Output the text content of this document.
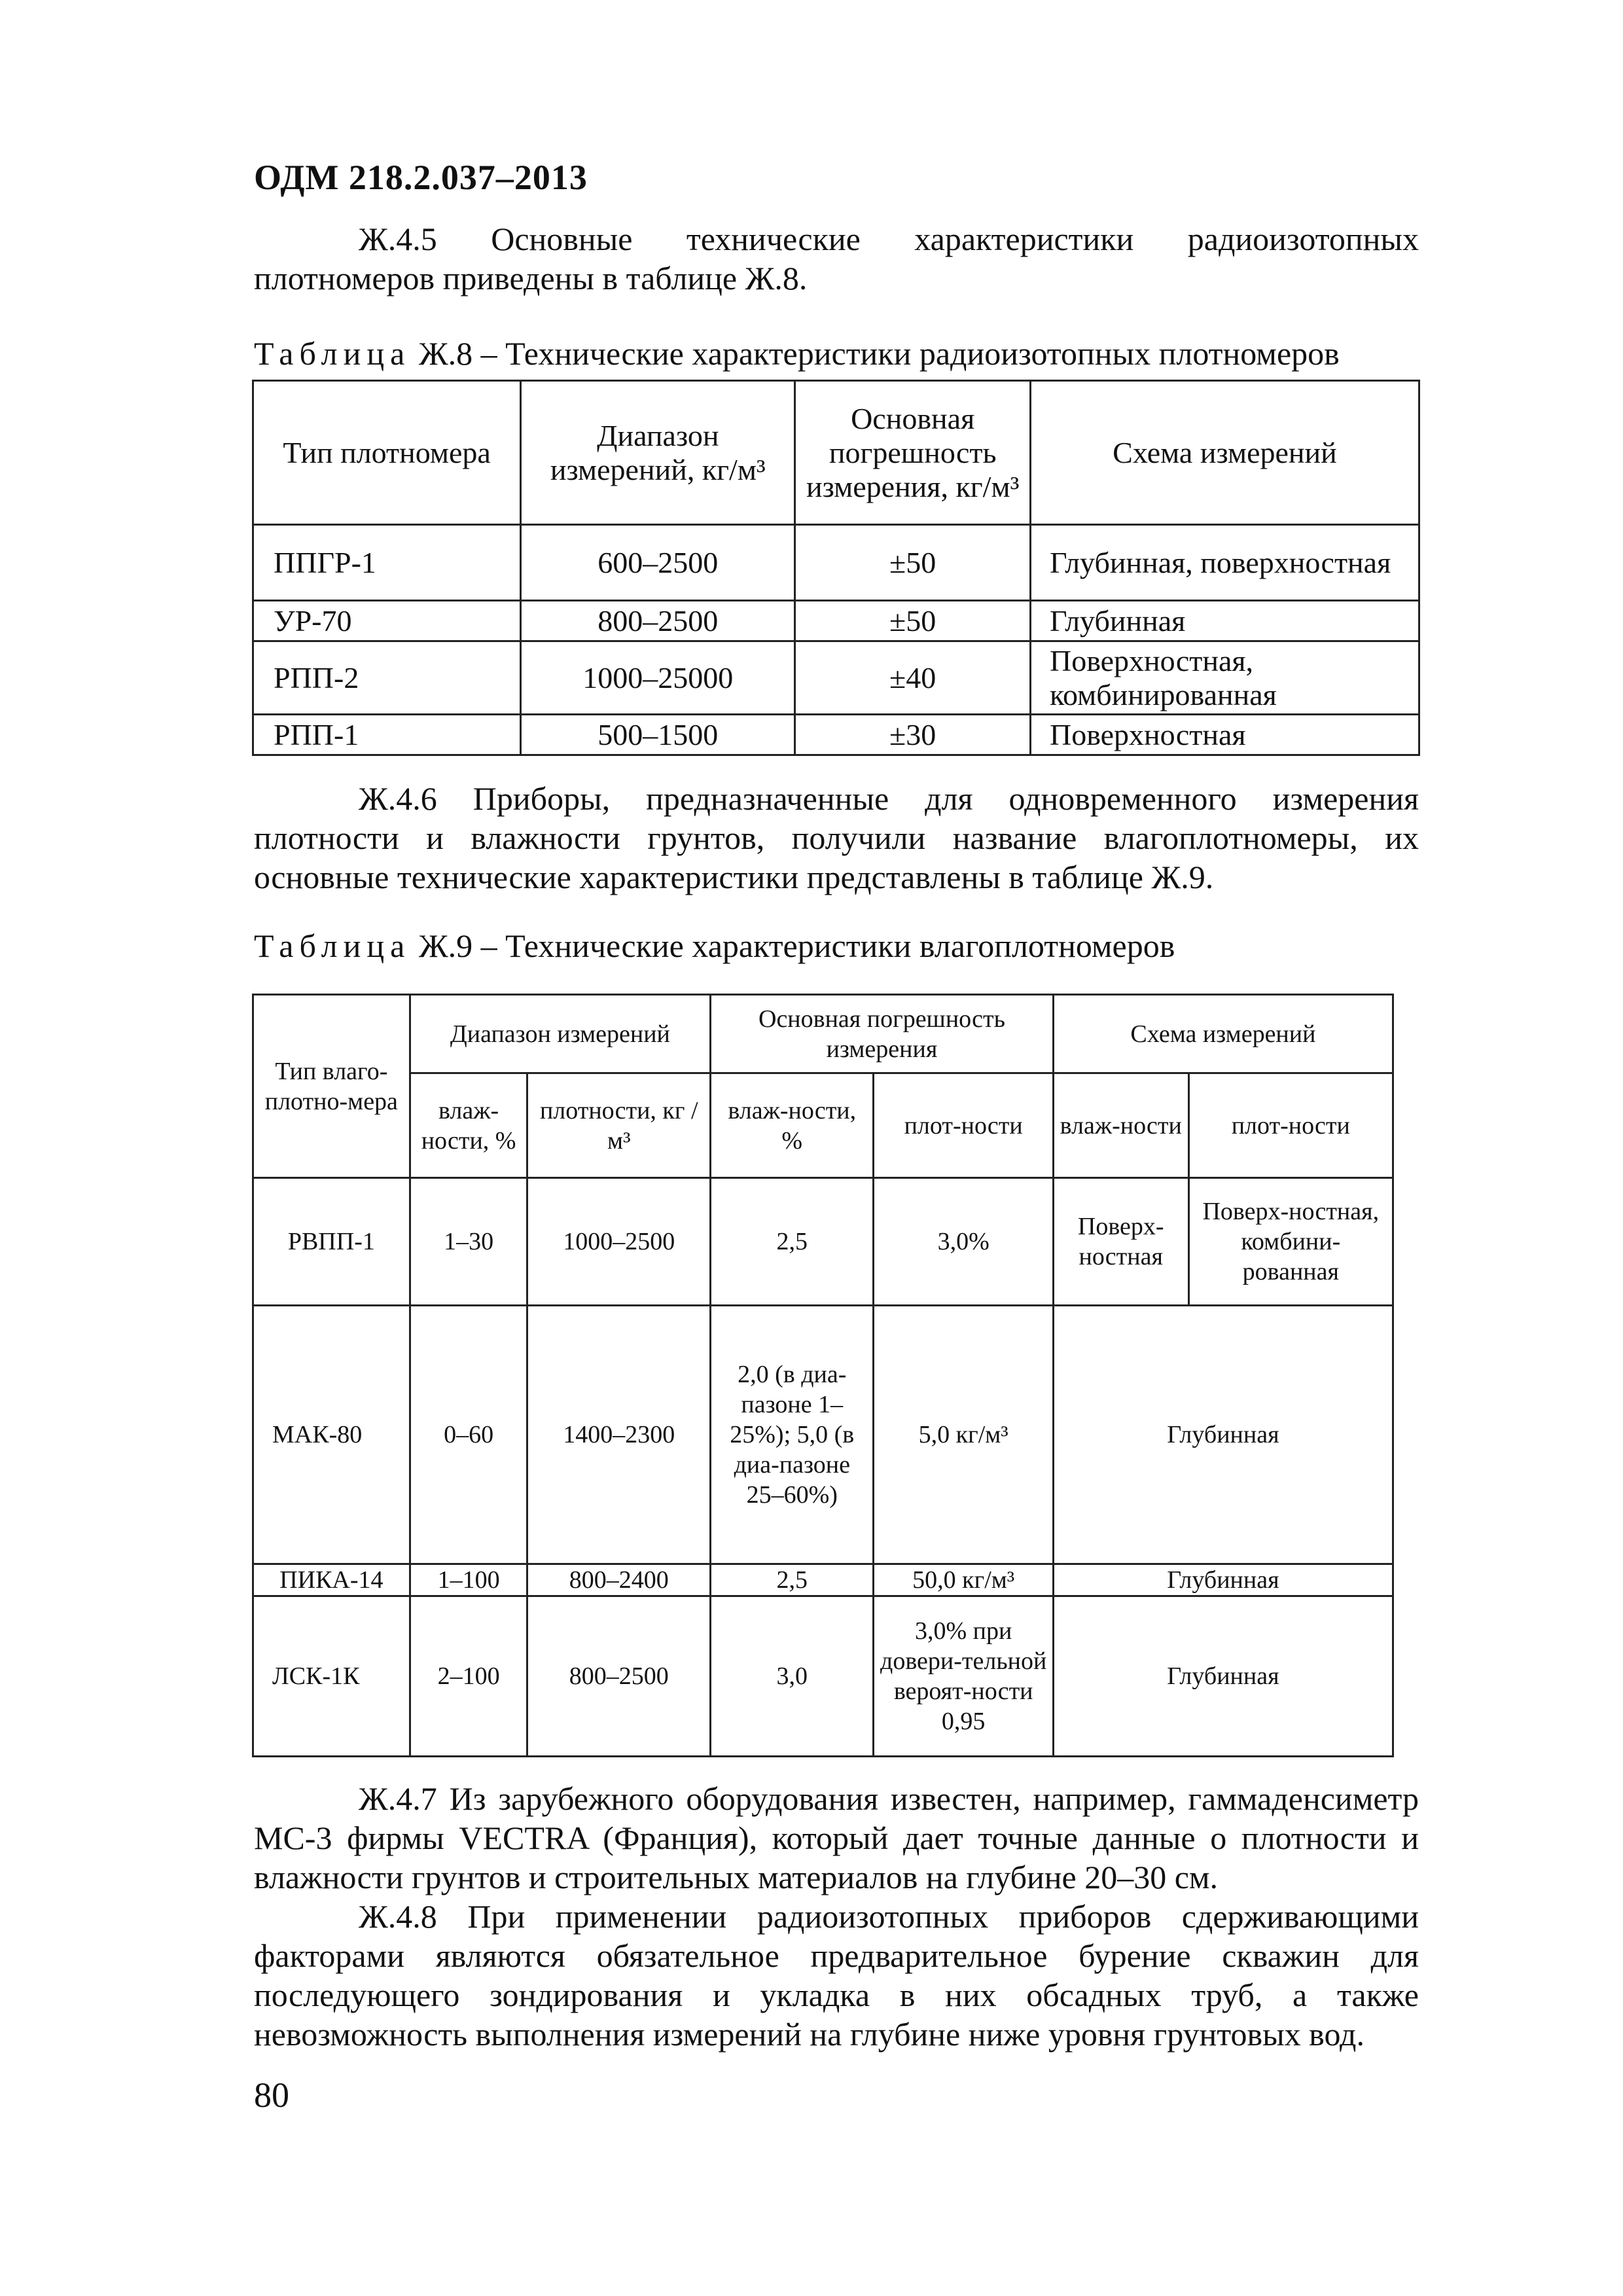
ОДМ 218.2.037–2013

Ж.4.5 Основные технические характеристики радиоизотопных плотномеров приведены в таблице Ж.8.

Таблица Ж.8 – Технические характеристики радиоизотопных плотномеров
Тип плотномера	Диапазон измерений, кг/м³	Основная погрешность измерения, кг/м³	Схема измерений
ППГР-1	600–2500	±50	Глубинная, поверхностная
УР-70	800–2500	±50	Глубинная
РПП-2	1000–25000	±40	Поверхностная, комбинированная
РПП-1	500–1500	±30	Поверхностная

Ж.4.6 Приборы, предназначенные для одновременного измерения плотности и влажности грунтов, получили название влагоплотномеры, их основные технические характеристики представлены в таблице Ж.9.

Таблица Ж.9 – Технические характеристики влагоплотномеров
Тип влаго-плотно-мера	Диапазон измерений		Основная погрешность измерения		Схема измерений	
	влаж-ности, %	плотности, кг /м³	влаж-ности, %	плот-ности	влаж-ности	плот-ности
РВПП-1	1–30	1000–2500	2,5	3,0%	Поверх-ностная	Поверх-ностная, комбини-рованная
МАК-80	0–60	1400–2300	2,0 (в диа-пазоне 1–25%); 5,0 (в диа-пазоне 25–60%)	5,0 кг/м³	Глубинная	
ПИКА-14	1–100	800–2400	2,5	50,0 кг/м³	Глубинная	
ЛСК-1К	2–100	800–2500	3,0	3,0% при довери-тельной вероят-ности 0,95	Глубинная	

Ж.4.7 Из зарубежного оборудования известен, например, гаммаденсиметр МС-3 фирмы VECTRA (Франция), который дает точные данные о плотности и влажности грунтов и строительных материалов на глубине 20–30 см.

Ж.4.8 При применении радиоизотопных приборов сдерживающими факторами являются обязательное предварительное бурение скважин для последующего зондирования и укладка в них обсадных труб, а также невозможность выполнения измерений на глубине ниже уровня грунтовых вод.

80
